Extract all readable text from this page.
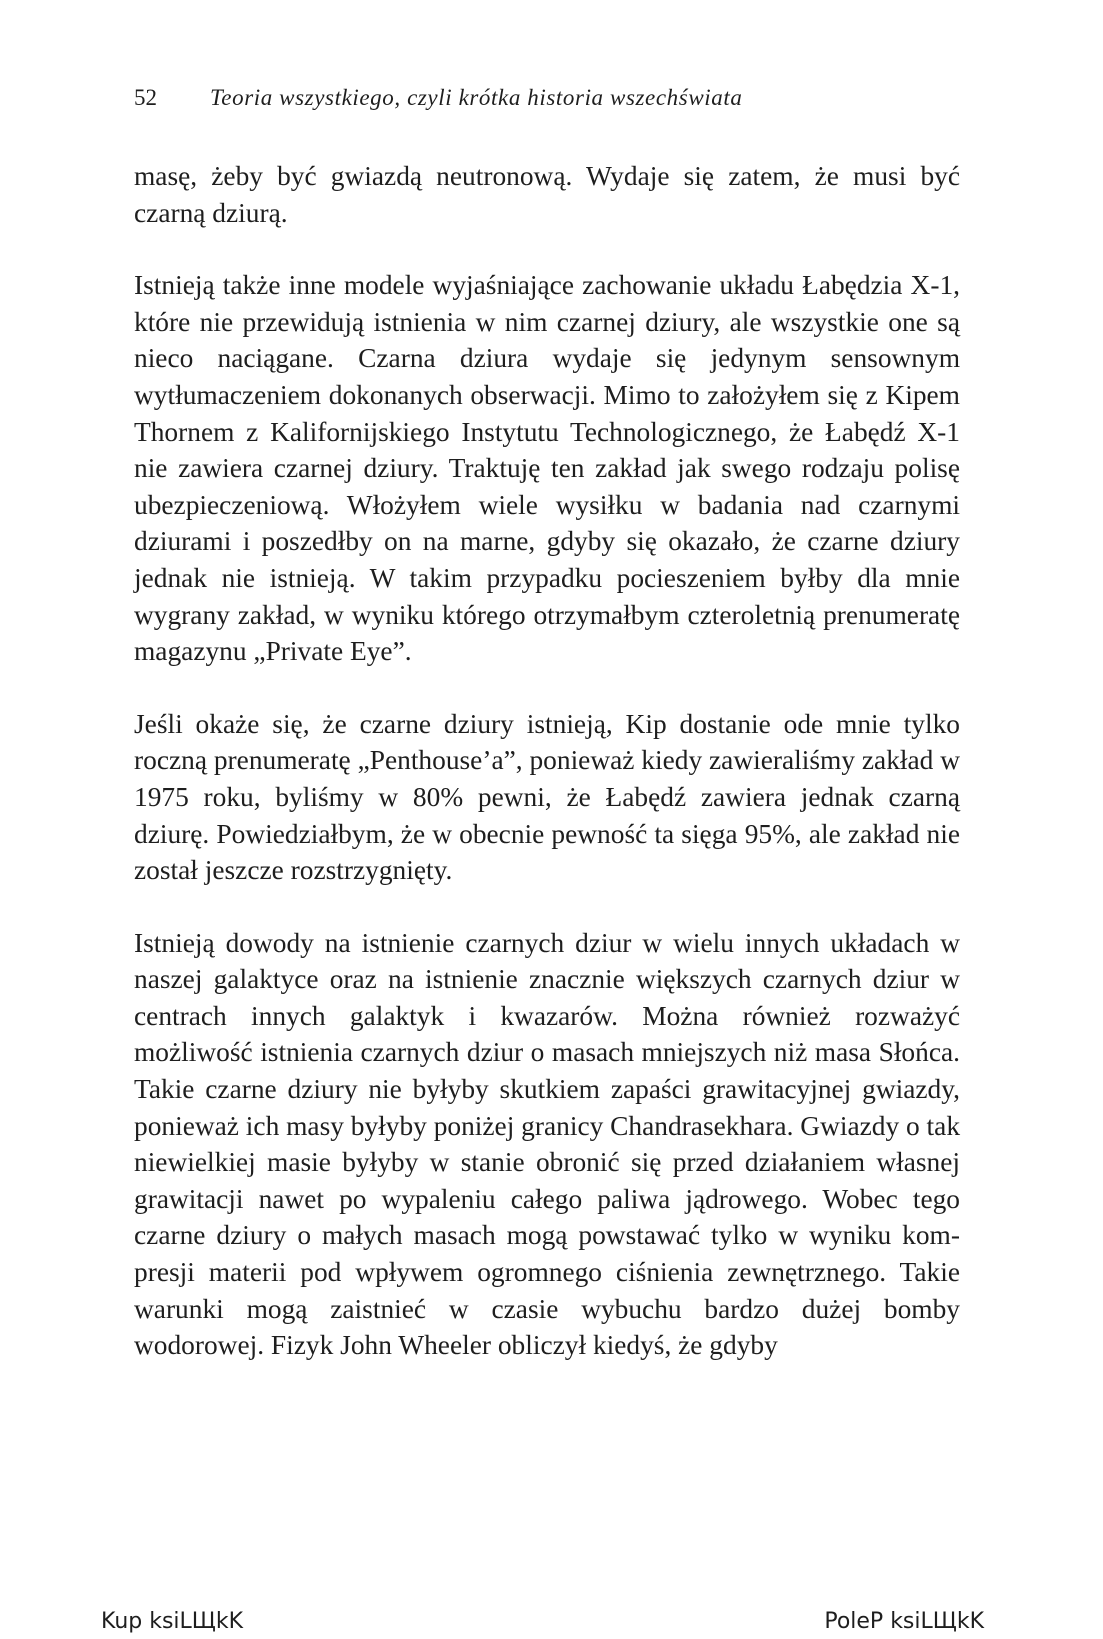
52 Teoria wszystkiego, czyli krótka historia wszechświata

masę, żeby być gwiazdą neutronową. Wydaje się zatem, że musi być czarną dziurą.

Istnieją także inne modele wyjaśniające zachowanie układu Łabędzia X-1, które nie przewidują istnienia w nim czarnej dziury, ale wszystkie one są nieco naciągane. Czarna dziura wydaje się jedynym sensownym wytłumaczeniem dokonanych obserwacji. Mimo to założyłem się z Kipem Thornem z Kalifornijskiego Instytutu Technologicznego, że Łabędź X-1 nie zawiera czarnej dziury. Traktuję ten zakład jak swego rodzaju polisę ubezpieczeniową. Włożyłem wiele wysiłku w badania nad czarnymi dziurami i poszedłby on na marne, gdyby się okazało, że czarne dziury jednak nie istnieją. W takim przypadku pocieszeniem byłby dla mnie wygrany zakład, w wyniku którego otrzymałbym czteroletnią prenumeratę magazynu „Private Eye”.

Jeśli okaże się, że czarne dziury istnieją, Kip dostanie ode mnie tylko roczną prenumeratę „Penthouse’a”, ponieważ kiedy zawieraliśmy zakład w 1975 roku, byliśmy w 80% pewni, że Łabędź zawiera jednak czarną dziurę. Powiedziałbym, że w obecnie pewność ta sięga 95%, ale zakład nie został jeszcze rozstrzygnięty.

Istnieją dowody na istnienie czarnych dziur w wielu innych układach w naszej galaktyce oraz na istnienie znacznie większych czarnych dziur w centrach innych galaktyk i kwazarów. Można również rozważyć możliwość istnienia czarnych dziur o masach mniejszych niż masa Słońca. Takie czarne dziury nie byłyby skutkiem zapaści grawitacyjnej gwiazdy, ponieważ ich masy byłyby poniżej granicy Chandrasekhara. Gwiazdy o tak niewielkiej masie byłyby w stanie obronić się przed działaniem własnej grawitacji nawet po wypaleniu całego paliwa jądrowego. Wobec tego czarne dziury o małych masach mogą powstawać tylko w wyniku kompresji materii pod wpływem ogromnego ciśnienia zewnętrznego. Takie warunki mogą zaistnieć w czasie wybuchu bardzo dużej bomby wodorowej. Fizyk John Wheeler obliczył kiedyś, że gdyby

Kup ksiLЩkK	PoleP ksiLЩkK
